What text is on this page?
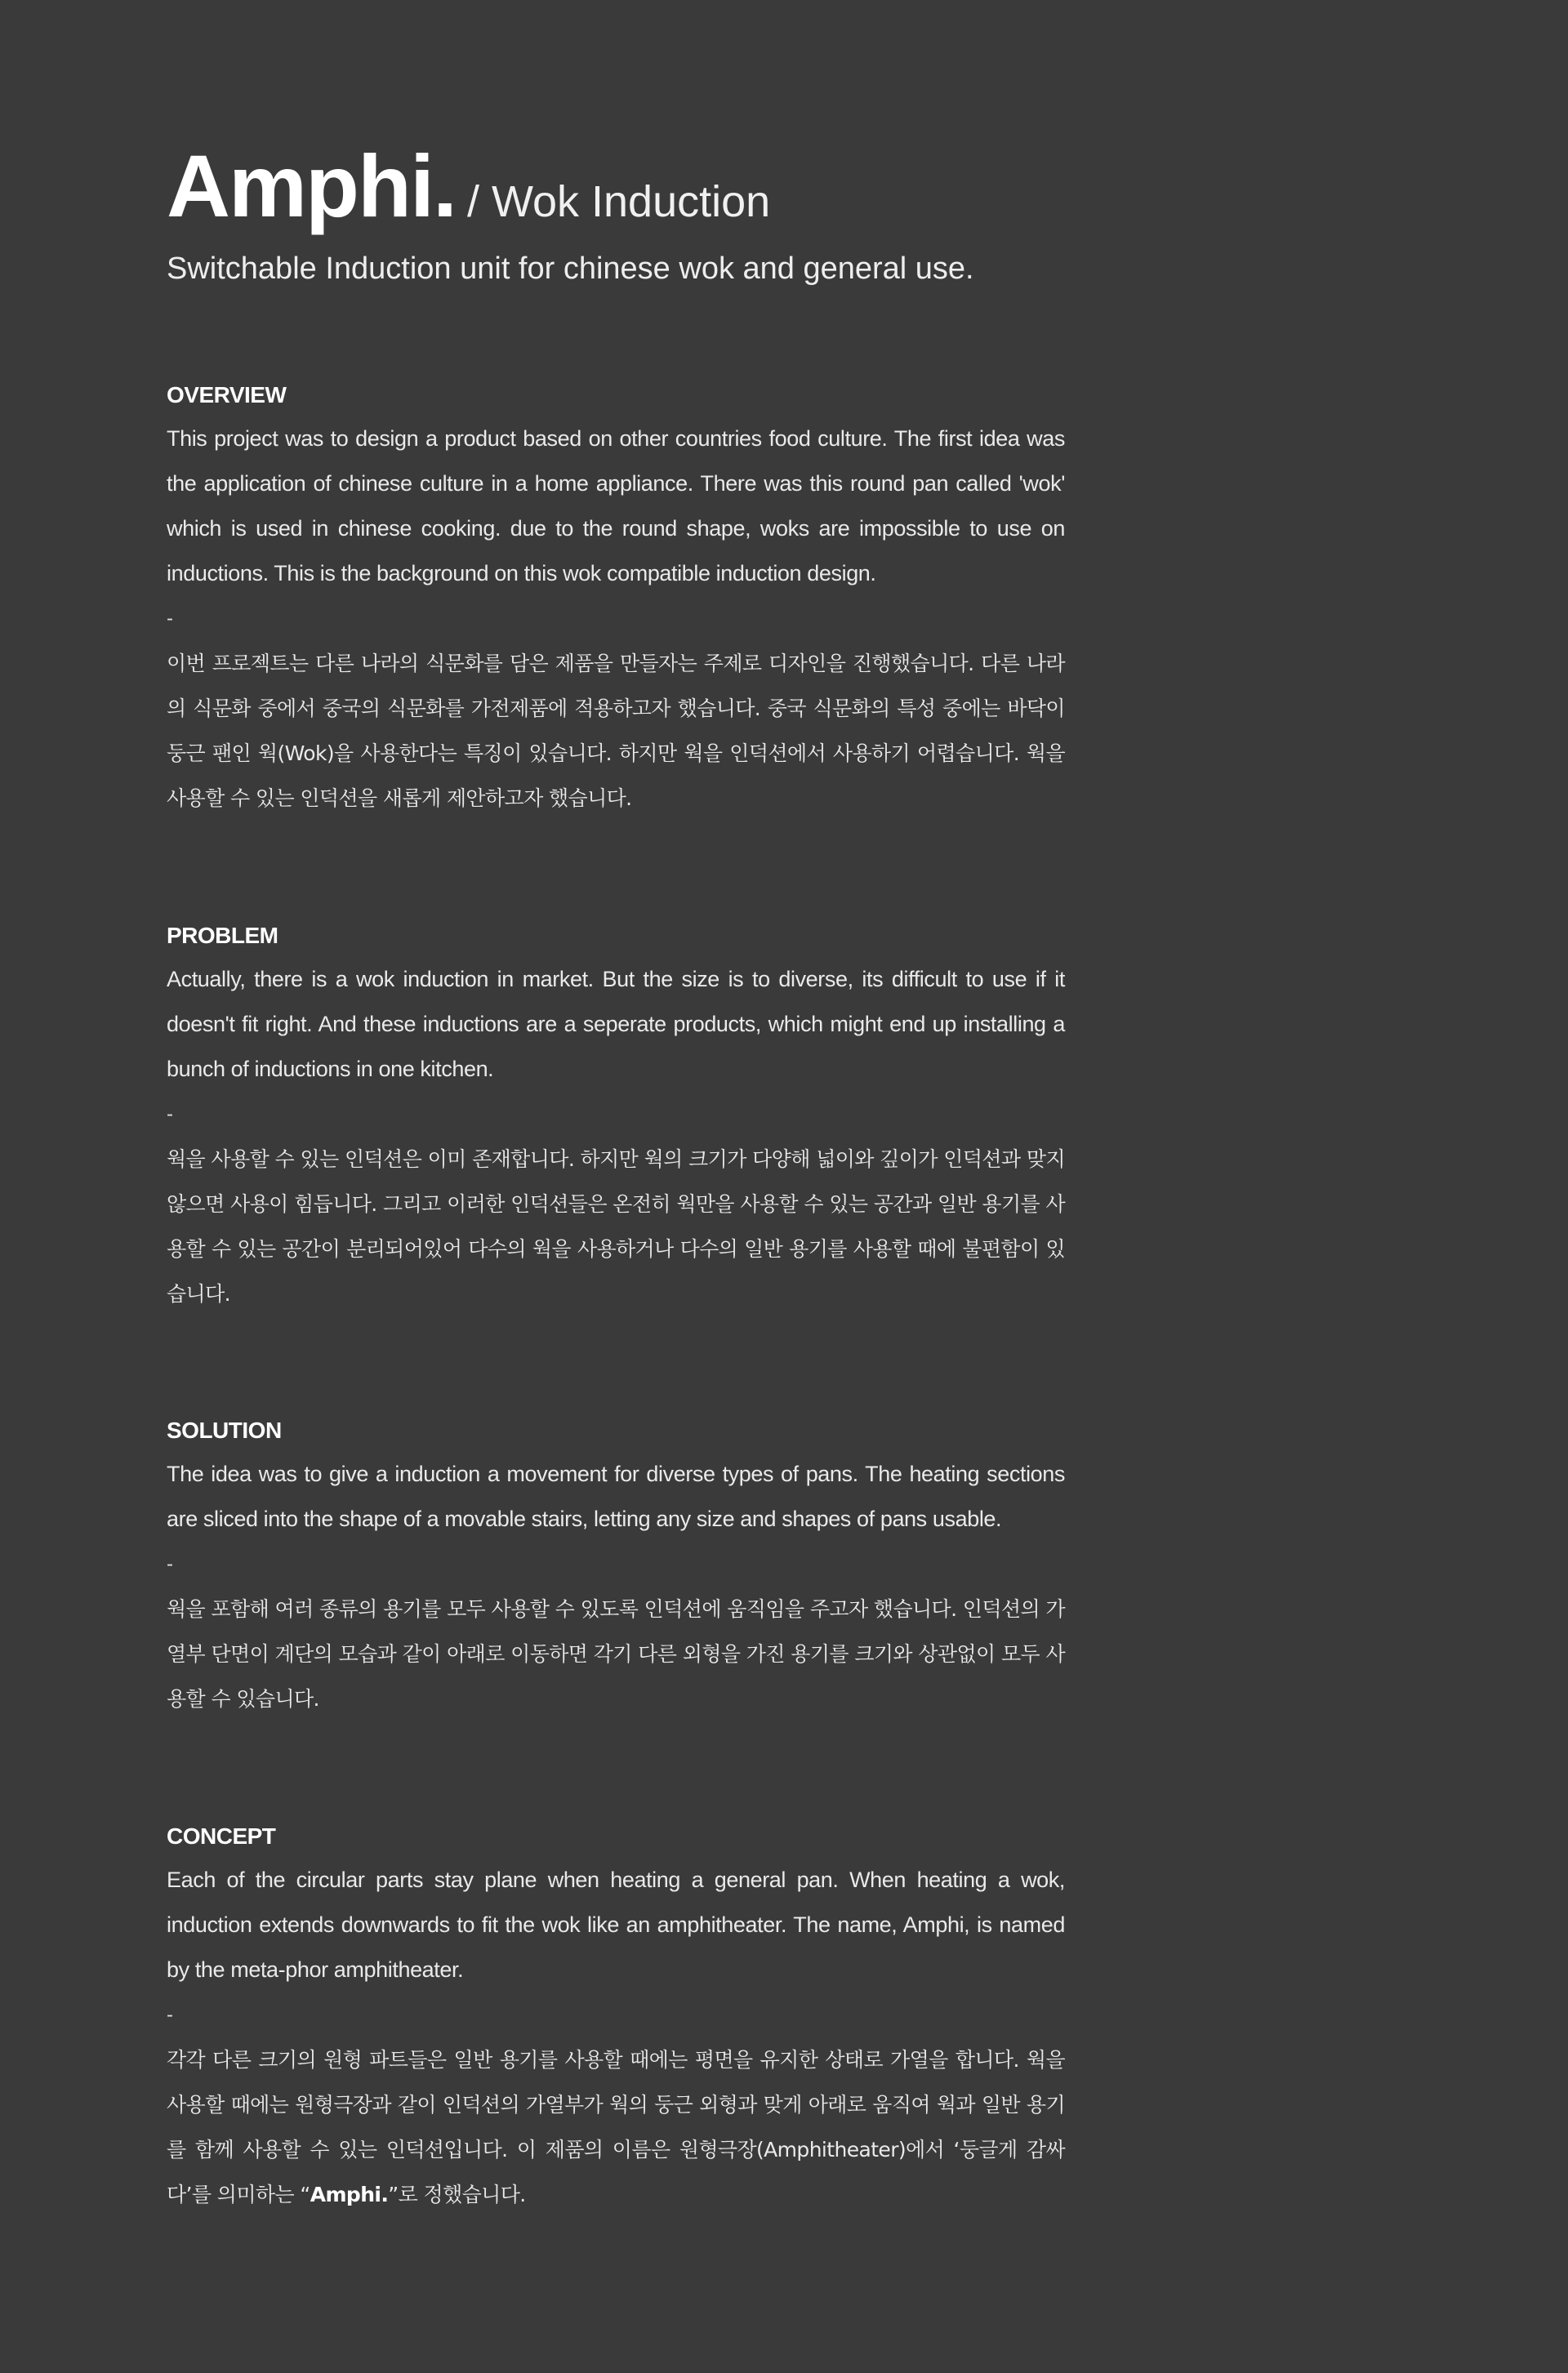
Amphi. / Wok Induction
Switchable Induction unit for chinese wok and general use.
OVERVIEW

This project was to design a product based on other countries food culture. The first idea was the application of chinese culture in a home appliance. There was this round pan called 'wok' which is used in chinese cooking. due to the round shape, woks are impossible to use on inductions. This is the background on this wok compatible induction design.

-

이번 프로젝트는 다른 나라의 식문화를 담은 제품을 만들자는 주제로 디자인을 진행했습니다. 다른 나라의 식문화 중에서 중국의 식문화를 가전제품에 적용하고자 했습니다. 중국 식문화의 특성 중에는 바닥이 둥근 팬인 웍(Wok)을 사용한다는 특징이 있습니다. 하지만 웍을 인덕션에서 사용하기 어렵습니다. 웍을 사용할 수 있는 인덕션을 새롭게 제안하고자 했습니다.

PROBLEM

Actually, there is a wok induction in market. But the size is to diverse, its difficult to use if it doesn't fit right. And these inductions are a seperate products, which might end up installing a bunch of inductions in one kitchen.

-

웍을 사용할 수 있는 인덕션은 이미 존재합니다. 하지만 웍의 크기가 다양해 넓이와 깊이가 인덕션과 맞지 않으면 사용이 힘듭니다. 그리고 이러한 인덕션들은 온전히 웍만을 사용할 수 있는 공간과 일반 용기를 사용할 수 있는 공간이 분리되어있어 다수의 웍을 사용하거나 다수의 일반 용기를 사용할 때에 불편함이 있습니다.

SOLUTION

The idea was to give a induction a movement for diverse types of pans. The heating sections are sliced into the shape of a movable stairs, letting any size and shapes of pans usable.

-

웍을 포함해 여러 종류의 용기를 모두 사용할 수 있도록 인덕션에 움직임을 주고자 했습니다. 인덕션의 가열부 단면이 계단의 모습과 같이 아래로 이동하면 각기 다른 외형을 가진 용기를 크기와 상관없이 모두 사용할 수 있습니다.

CONCEPT

Each of the circular parts stay plane when heating a general pan. When heating a wok, induction extends downwards to fit the wok like an amphitheater. The name, Amphi, is named by the meta-phor amphitheater.

-

각각 다른 크기의 원형 파트들은 일반 용기를 사용할 때에는 평면을 유지한 상태로 가열을 합니다. 웍을 사용할 때에는 원형극장과 같이 인덕션의 가열부가 웍의 둥근 외형과 맞게 아래로 움직여 웍과 일반 용기를 함께 사용할 수 있는 인덕션입니다. 이 제품의 이름은 원형극장(Amphitheater)에서 ‘둥글게 감싸다’를 의미하는 “Amphi.”로 정했습니다.
